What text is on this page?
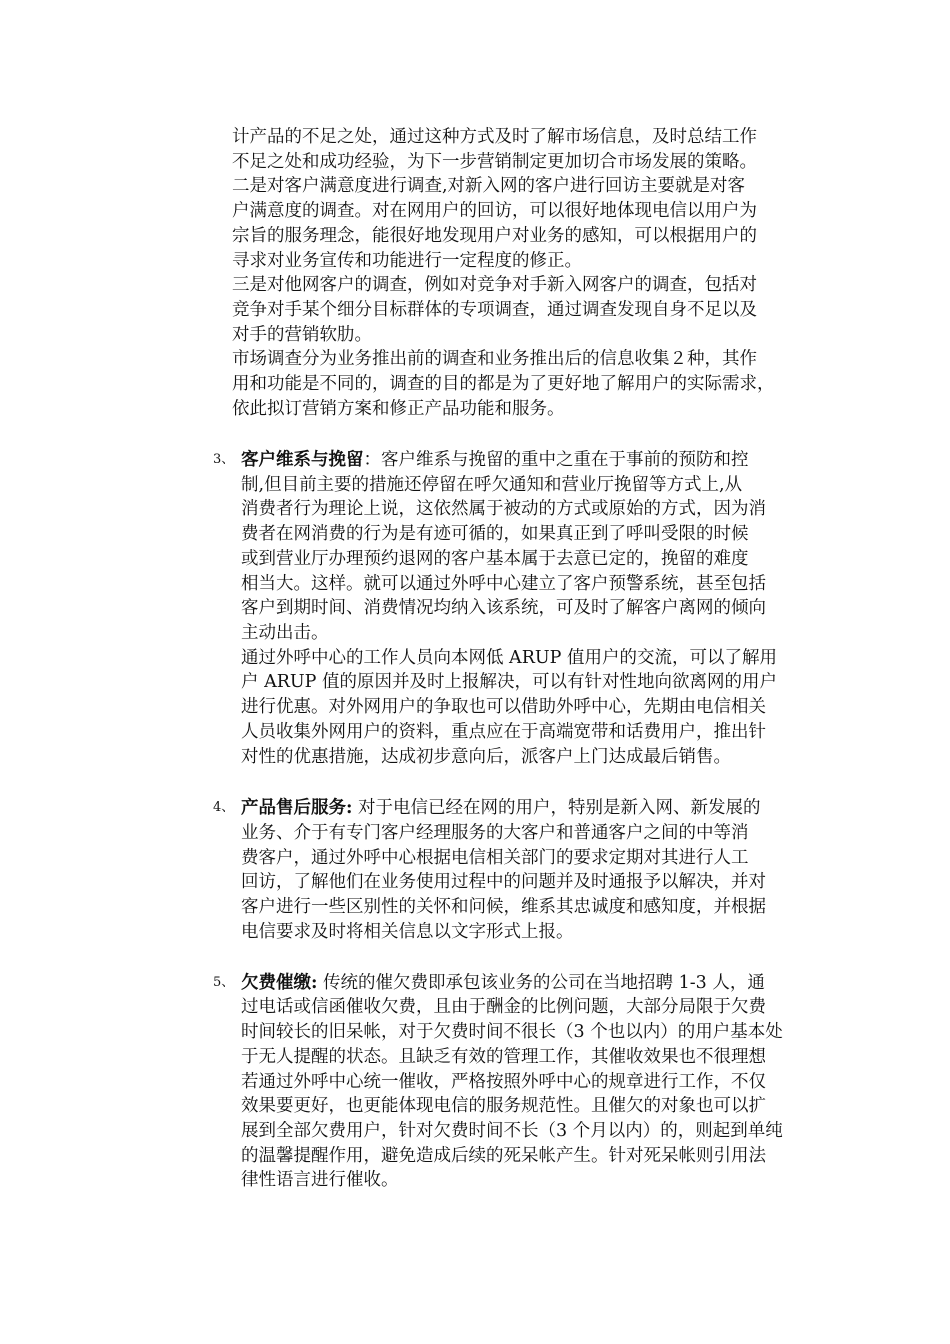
计产品的不足之处，通过这种方式及时了解市场信息，及时总结工作
不足之处和成功经验，为下一步营销制定更加切合市场发展的策略。
二是对客户满意度进行调查,对新入网的客户进行回访主要就是对客
户满意度的调查。对在网用户的回访，可以很好地体现电信以用户为
宗旨的服务理念，能很好地发现用户对业务的感知，可以根据用户的
寻求对业务宣传和功能进行一定程度的修正。
三是对他网客户的调查，例如对竞争对手新入网客户的调查，包括对
竞争对手某个细分目标群体的专项调查，通过调查发现自身不足以及
对手的营销软肋。
市场调查分为业务推出前的调查和业务推出后的信息收集２种，其作
用和功能是不同的，调查的目的都是为了更好地了解用户的实际需求，
依此拟订营销方案和修正产品功能和服务。
3、 客户维系与挽留：客户维系与挽留的重中之重在于事前的预防和控
制,但目前主要的措施还停留在呼欠通知和营业厅挽留等方式上,从
消费者行为理论上说，这依然属于被动的方式或原始的方式，因为消
费者在网消费的行为是有迹可循的，如果真正到了呼叫受限的时候
或到营业厅办理预约退网的客户基本属于去意已定的，挽留的难度
相当大。这样。就可以通过外呼中心建立了客户预警系统，甚至包括
客户到期时间、消费情况均纳入该系统，可及时了解客户离网的倾向
主动出击。
通过外呼中心的工作人员向本网低 ARUP 值用户的交流，可以了解用
户 ARUP 值的原因并及时上报解决，可以有针对性地向欲离网的用户
进行优惠。对外网用户的争取也可以借助外呼中心，先期由电信相关
人员收集外网用户的资料，重点应在于高端宽带和话费用户，推出针
对性的优惠措施，达成初步意向后，派客户上门达成最后销售。
4、 产品售后服务: 对于电信已经在网的用户，特别是新入网、新发展的
业务、介于有专门客户经理服务的大客户和普通客户之间的中等消
费客户，通过外呼中心根据电信相关部门的要求定期对其进行人工
回访，了解他们在业务使用过程中的问题并及时通报予以解决，并对
客户进行一些区别性的关怀和问候，维系其忠诚度和感知度，并根据
电信要求及时将相关信息以文字形式上报。
5、 欠费催缴: 传统的催欠费即承包该业务的公司在当地招聘 1-3 人，通
过电话或信函催收欠费，且由于酬金的比例问题，大部分局限于欠费
时间较长的旧呆帐，对于欠费时间不很长（3 个也以内）的用户基本处
于无人提醒的状态。且缺乏有效的管理工作，其催收效果也不很理想
若通过外呼中心统一催收，严格按照外呼中心的规章进行工作，不仅
效果要更好，也更能体现电信的服务规范性。且催欠的对象也可以扩
展到全部欠费用户，针对欠费时间不长（3 个月以内）的，则起到单纯
的温馨提醒作用，避免造成后续的死呆帐产生。针对死呆帐则引用法
律性语言进行催收。
